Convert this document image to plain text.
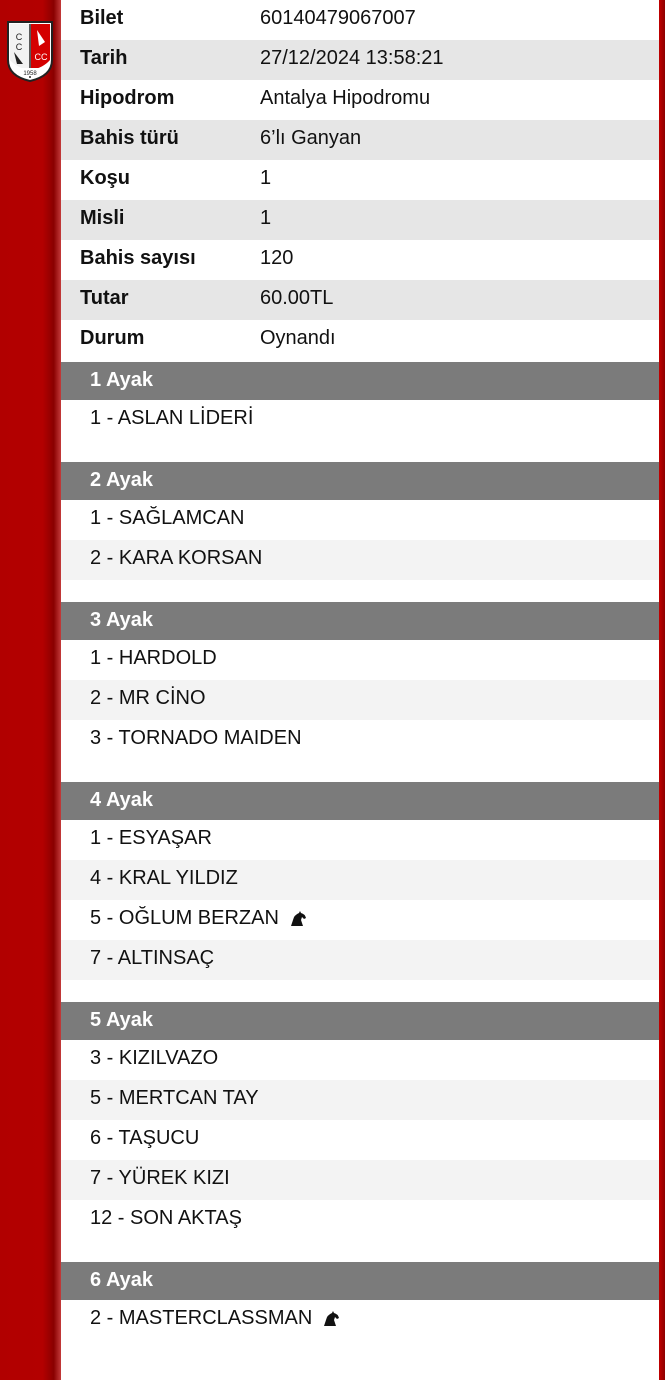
C
C
CC
1958
Bilet	60140479067007
Tarih	27/12/2024 13:58:21
Hipodrom	Antalya Hipodromu
Bahis türü	6’lı Ganyan
Koşu	1
Misli	1
Bahis sayısı	120
Tutar	60.00TL
Durum	Oynandı
1 Ayak
1 - ASLAN LİDERİ
2 Ayak
1 - SAĞLAMCAN
2 - KARA KORSAN
3 Ayak
1 - HARDOLD
2 - MR CİNO
3 - TORNADO MAIDEN
4 Ayak
1 - ESYAŞAR
4 - KRAL YILDIZ
5 - OĞLUM BERZAN
7 - ALTINSAÇ
5 Ayak
3 - KIZILVAZO
5 - MERTCAN TAY
6 - TAŞUCU
7 - YÜREK KIZI
12 - SON AKTAŞ
6 Ayak
2 - MASTERCLASSMAN
